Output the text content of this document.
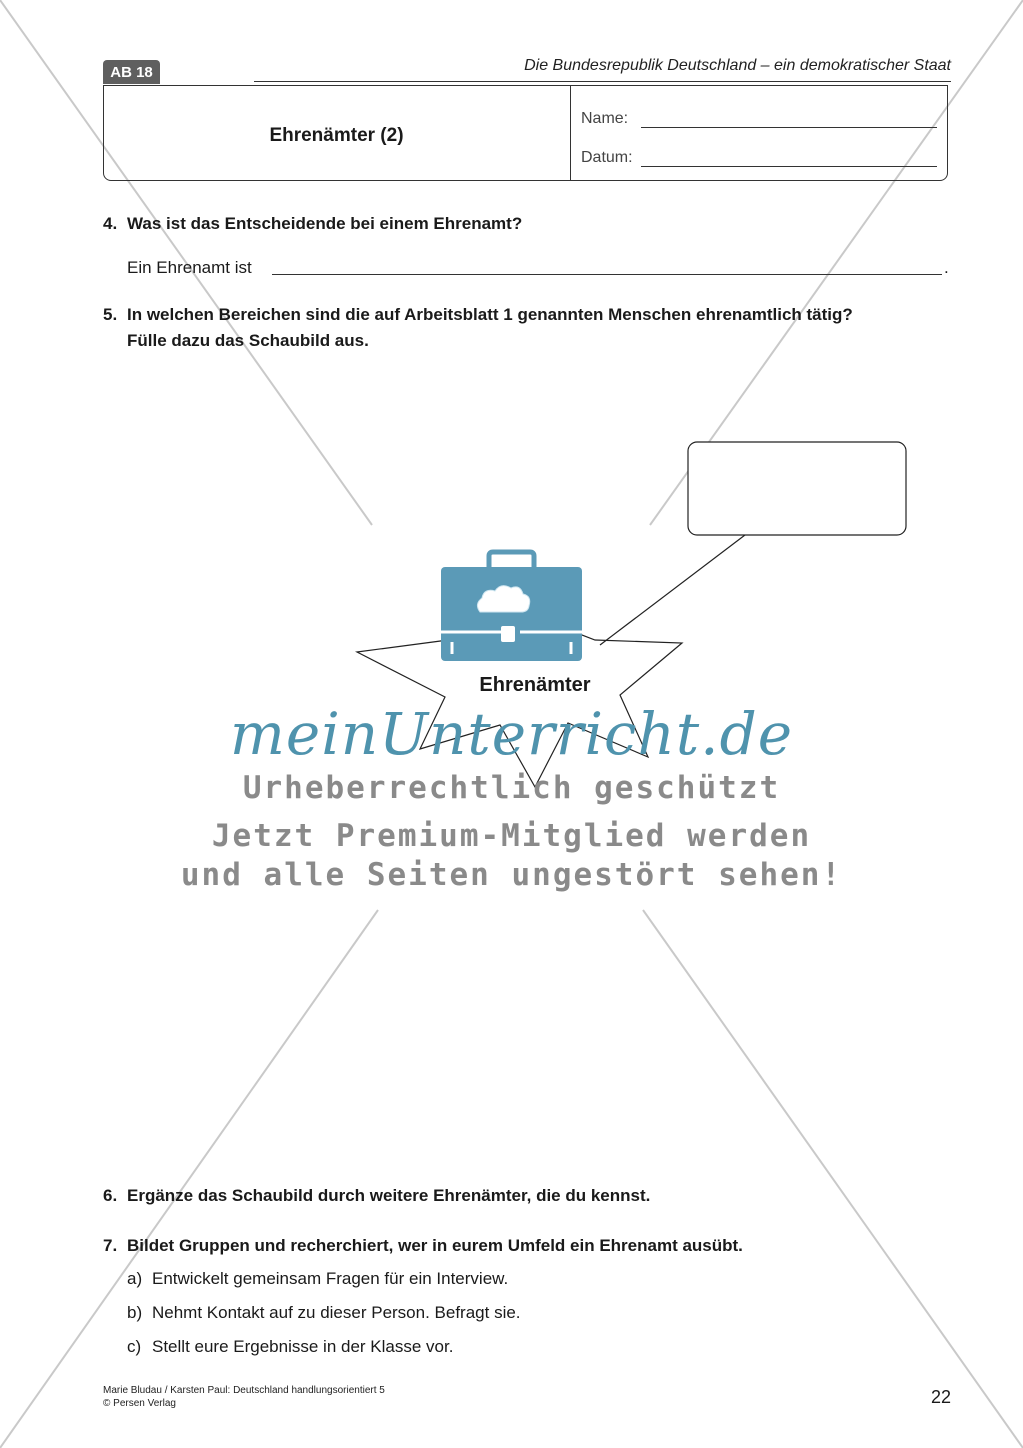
AB 18	Die Bundesrepublik Deutschland – ein demokratischer Staat
Ehrenämter (2)
Name:
Datum:
4. Was ist das Entscheidende bei einem Ehrenamt?
Ein Ehrenamt ist	.
5. In welchen Bereichen sind die auf Arbeitsblatt 1 genannten Menschen ehrenamtlich tätig?
Fülle dazu das Schaubild aus.
Ehrenämter
meinUnterricht.de
Urheberrechtlich geschützt
Jetzt Premium-Mitglied werden
und alle Seiten ungestört sehen!
6. Ergänze das Schaubild durch weitere Ehrenämter, die du kennst.
7. Bildet Gruppen und recherchiert, wer in eurem Umfeld ein Ehrenamt ausübt.
a) Entwickelt gemeinsam Fragen für ein Interview.
b) Nehmt Kontakt auf zu dieser Person. Befragt sie.
c) Stellt eure Ergebnisse in der Klasse vor.
Marie Bludau / Karsten Paul: Deutschland handlungsorientiert 5
© Persen Verlag	22
